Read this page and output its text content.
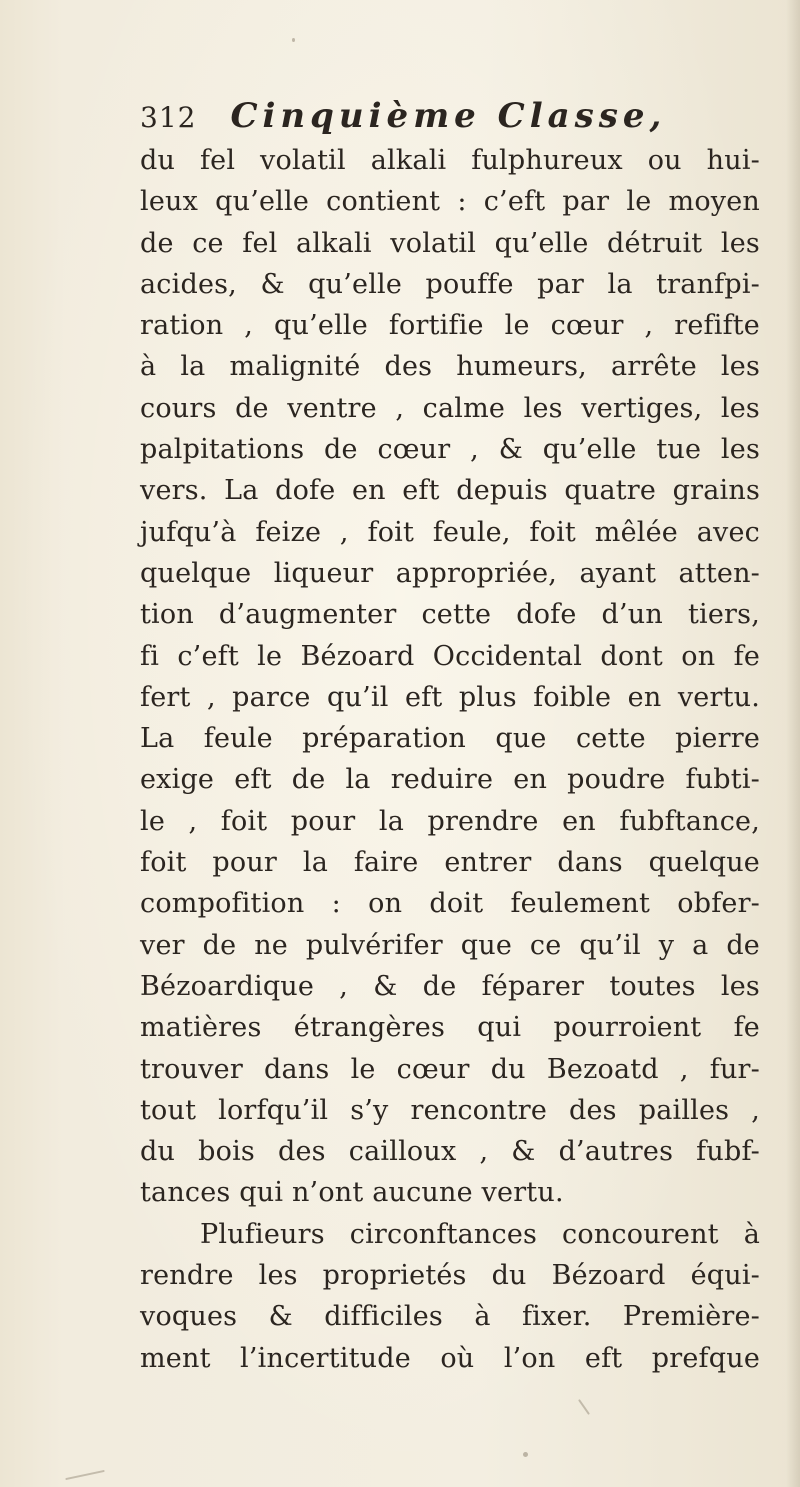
312 Cinquième Classe,
du fel volatil alkali fulphureux ou hui-
leux qu’elle contient : c’eft par le moyen
de ce fel alkali volatil qu’elle détruit les
acides, & qu’elle pouffe par la tranfpi-
ration , qu’elle fortifie le cœur , refifte
à la malignité des humeurs, arrête les
cours de ventre , calme les vertiges, les
palpitations de cœur , & qu’elle tue les
vers. La dofe en eft depuis quatre grains
jufqu’à feize , foit feule, foit mêlée avec
quelque liqueur appropriée, ayant atten-
tion d’augmenter cette dofe d’un tiers,
fi c’eft le Bézoard Occidental dont on fe
fert , parce qu’il eft plus foible en vertu.
La feule préparation que cette pierre
exige eft de la reduire en poudre fubti-
le , foit pour la prendre en fubftance,
foit pour la faire entrer dans quelque
compofition : on doit feulement obfer-
ver de ne pulvérifer que ce qu’il y a de
Bézoardique , & de féparer toutes les
matières étrangères qui pourroient fe
trouver dans le cœur du Bezoatd , fur-
tout lorfqu’il s’y rencontre des pailles ,
du bois des cailloux , & d’autres fubf-
tances qui n’ont aucune vertu.
Plufieurs circonftances concourent à
rendre les proprietés du Bézoard équi-
voques & difficiles à fixer. Première-
ment l’incertitude où l’on eft prefque
